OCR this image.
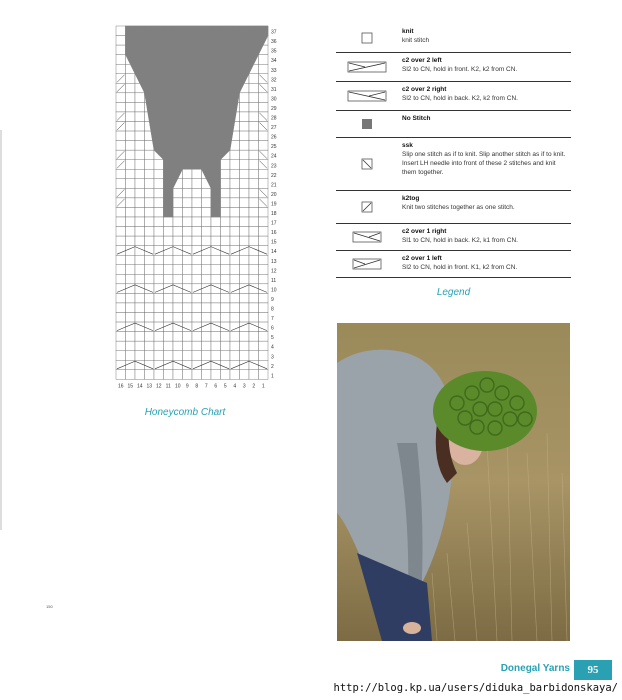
1
2
3
4
5
6
7
8
9
10
11
12
13
14
15
16
17
18
19
20
21
22
23
24
25
26
27
28
29
30
31
32
33
34
35
36
37
16 15 14 13 12 11 10 9 8 7 6 5 4 3 2 1
Honeycomb Chart
knit
knit stitch
c2 over 2 left
Sl2 to CN, hold in front. K2, k2 from CN.
c2 over 2 right
Sl2 to CN, hold in back. K2, k2 from CN.
No Stitch
ssk
Slip one stitch as if to knit. Slip another stitch as if to knit. Insert LH needle into front of these 2 stitches and knit them together.
k2tog
Knit two stitches together as one stitch.
c2 over 1 right
Sl1 to CN, hold in back. K2, k1 from CN.
c2 over 1 left
Sl2 to CN, hold in front. K1, k2 from CN.
Legend
150
Donegal Yarns	95
http://blog.kp.ua/users/diduka_barbidonskaya/
